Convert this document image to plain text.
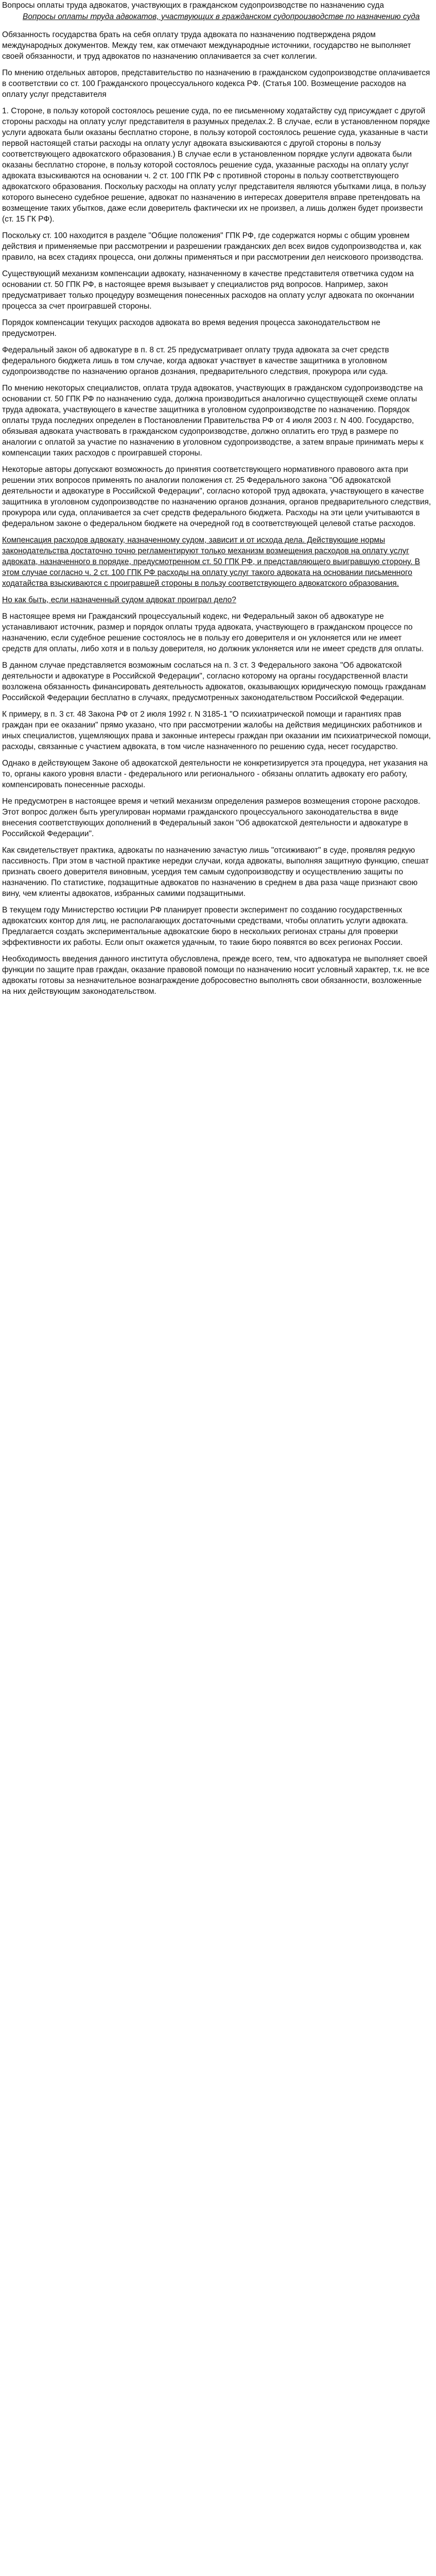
Вопросы оплаты труда адвокатов, участвующих в гражданском судопроизводстве по назначению суда
Вопросы оплаты труда адвокатов, участвующих в гражданском судопроизводстве по назначению суда

Обязанность государства брать на себя оплату труда адвоката по назначению подтверждена рядом международных документов. Между тем, как отмечают международные источники, государство не выполняет своей обязанности, и труд адвокатов по назначению оплачивается за счет коллегии.

По мнению отдельных авторов, представительство по назначению в гражданском судопроизводстве оплачивается в соответствии со ст. 100 Гражданского процессуального кодекса РФ. (Статья 100. Возмещение расходов на оплату услуг представителя

1. Стороне, в пользу которой состоялось решение суда, по ее письменному ходатайству суд присуждает с другой стороны расходы на оплату услуг представителя в разумных пределах.2. В случае, если в установленном порядке услуги адвоката были оказаны бесплатно стороне, в пользу которой состоялось решение суда, указанные в части первой настоящей статьи расходы на оплату услуг адвоката взыскиваются с другой стороны в пользу соответствующего адвокатского образования.) В случае если в установленном порядке услуги адвоката были оказаны бесплатно стороне, в пользу которой состоялось решение суда, указанные расходы на оплату услуг адвоката взыскиваются на основании ч. 2 ст. 100 ГПК РФ с противной стороны в пользу соответствующего адвокатского образования. Поскольку расходы на оплату услуг представителя являются убытками лица, в пользу которого вынесено судебное решение, адвокат по назначению в интересах доверителя вправе претендовать на возмещение таких убытков, даже если доверитель фактически их не произвел, а лишь должен будет произвести (ст. 15 ГК РФ).

Поскольку ст. 100 находится в разделе "Общие положения" ГПК РФ, где содержатся нормы с общим уровнем действия и применяемые при рассмотрении и разрешении гражданских дел всех видов судопроизводства и, как правило, на всех стадиях процесса, они должны применяться и при рассмотрении дел неискового производства.

Существующий механизм компенсации адвокату, назначенному в качестве представителя ответчика судом на основании ст. 50 ГПК РФ, в настоящее время вызывает у специалистов ряд вопросов. Например, закон предусматривает только процедуру возмещения понесенных расходов на оплату услуг адвоката по окончании процесса за счет проигравшей стороны.

Порядок компенсации текущих расходов адвоката во время ведения процесса законодательством не предусмотрен.

Федеральный закон об адвокатуре в п. 8 ст. 25 предусматривает оплату труда адвоката за счет средств федерального бюджета лишь в том случае, когда адвокат участвует в качестве защитника в уголовном судопроизводстве по назначению органов дознания, предварительного следствия, прокурора или суда.

По мнению некоторых специалистов, оплата труда адвокатов, участвующих в гражданском судопроизводстве на основании ст. 50 ГПК РФ по назначению суда, должна производиться аналогично существующей схеме оплаты труда адвоката, участвующего в качестве защитника в уголовном судопроизводстве по назначению. Порядок оплаты труда последних определен в Постановлении Правительства РФ от 4 июля 2003 г. N 400. Государство, обязывая адвоката участвовать в гражданском судопроизводстве, должно оплатить его труд в размере по аналогии с оплатой за участие по назначению в уголовном судопроизводстве, а затем впраые принимать меры к компенсации таких расходов с проигравшей стороны.

Некоторые авторы допускают возможность до принятия соответствующего нормативного правового акта при решении этих вопросов применять по аналогии положения ст. 25 Федерального закона "Об адвокатской деятельности и адвокатуре в Российской Федерации", согласно которой труд адвоката, участвующего в качестве защитника в уголовном судопроизводстве по назначению органов дознания, органов предварительного следствия, прокурора или суда, оплачивается за счет средств федерального бюджета. Расходы на эти цели учитываются в федеральном законе о федеральном бюджете на очередной год в соответствующей целевой статье расходов.

Компенсация расходов адвокату, назначенному судом, зависит и от исхода дела. Действующие нормы законодательства достаточно точно регламентируют только механизм возмещения расходов на оплату услуг адвоката, назначенного в порядке, предусмотренном ст. 50 ГПК РФ, и представляющего выигравшую сторону. В этом случае согласно ч. 2 ст. 100 ГПК РФ расходы на оплату услуг такого адвоката на основании письменного ходатайства взыскиваются с проигравшей стороны в пользу соответствующего адвокатского образования.

Но как быть, если назначенный судом адвокат проиграл дело?

В настоящее время ни Гражданский процессуальный кодекс, ни Федеральный закон об адвокатуре не устанавливают источник, размер и порядок оплаты труда адвоката, участвующего в гражданском процессе по назначению, если судебное решение состоялось не в пользу его доверителя и он уклоняется или не имеет средств для оплаты, либо хотя и в пользу доверителя, но должник уклоняется или не имеет средств для оплаты.

В данном случае представляется возможным сослаться на п. 3 ст. 3 Федерального закона "Об адвокатской деятельности и адвокатуре в Российской Федерации", согласно которому на органы государственной власти возложена обязанность финансировать деятельность адвокатов, оказывающих юридическую помощь гражданам Российской Федерации бесплатно в случаях, предусмотренных законодательством Российской Федерации.

К примеру, в п. 3 ст. 48 Закона РФ от 2 июля 1992 г. N 3185-1 "О психиатрической помощи и гарантиях прав граждан при ее оказании" прямо указано, что при рассмотрении жалобы на действия медицинских работников и иных специалистов, ущемляющих права и законные интересы граждан при оказании им психиатрической помощи, расходы, связанные с участием адвоката, в том числе назначенного по решению суда, несет государство.

Однако в действующем Законе об адвокатской деятельности не конкретизируется эта процедура, нет указания на то, органы какого уровня власти - федерального или регионального - обязаны оплатить адвокату его работу, компенсировать понесенные расходы.

Не предусмотрен в настоящее время и четкий механизм определения размеров возмещения стороне расходов. Этот вопрос должен быть урегулирован нормами гражданского процессуального законодательства в виде внесения соответствующих дополнений в Федеральный закон "Об адвокатской деятельности и адвокатуре в Российской Федерации".

Как свидетельствует практика, адвокаты по назначению зачастую лишь "отсиживают" в суде, проявляя редкую пассивность. При этом в частной практике нередки случаи, когда адвокаты, выполняя защитную функцию, спешат признать своего доверителя виновным, усердия тем самым судопроизводству и осуществлению защиты по назначению. По статистике, подзащитные адвокатов по назначению в среднем в два раза чаще признают свою вину, чем клиенты адвокатов, избранных самими подзащитными.

В текущем году Министерство юстиции РФ планирует провести эксперимент по созданию государственных адвокатских контор для лиц, не располагающих достаточными средствами, чтобы оплатить услуги адвоката. Предлагается создать экспериментальные адвокатские бюро в нескольких регионах страны для проверки эффективности их работы. Если опыт окажется удачным, то такие бюро появятся во всех регионах России.

Необходимость введения данного института обусловлена, прежде всего, тем, что адвокатура не выполняет своей функции по защите прав граждан, оказание правовой помощи по назначению носит условный характер, т.к. не все адвокаты готовы за незначительное вознаграждение добросовестно выполнять свои обязанности, возложенные на них действующим законодательством.
